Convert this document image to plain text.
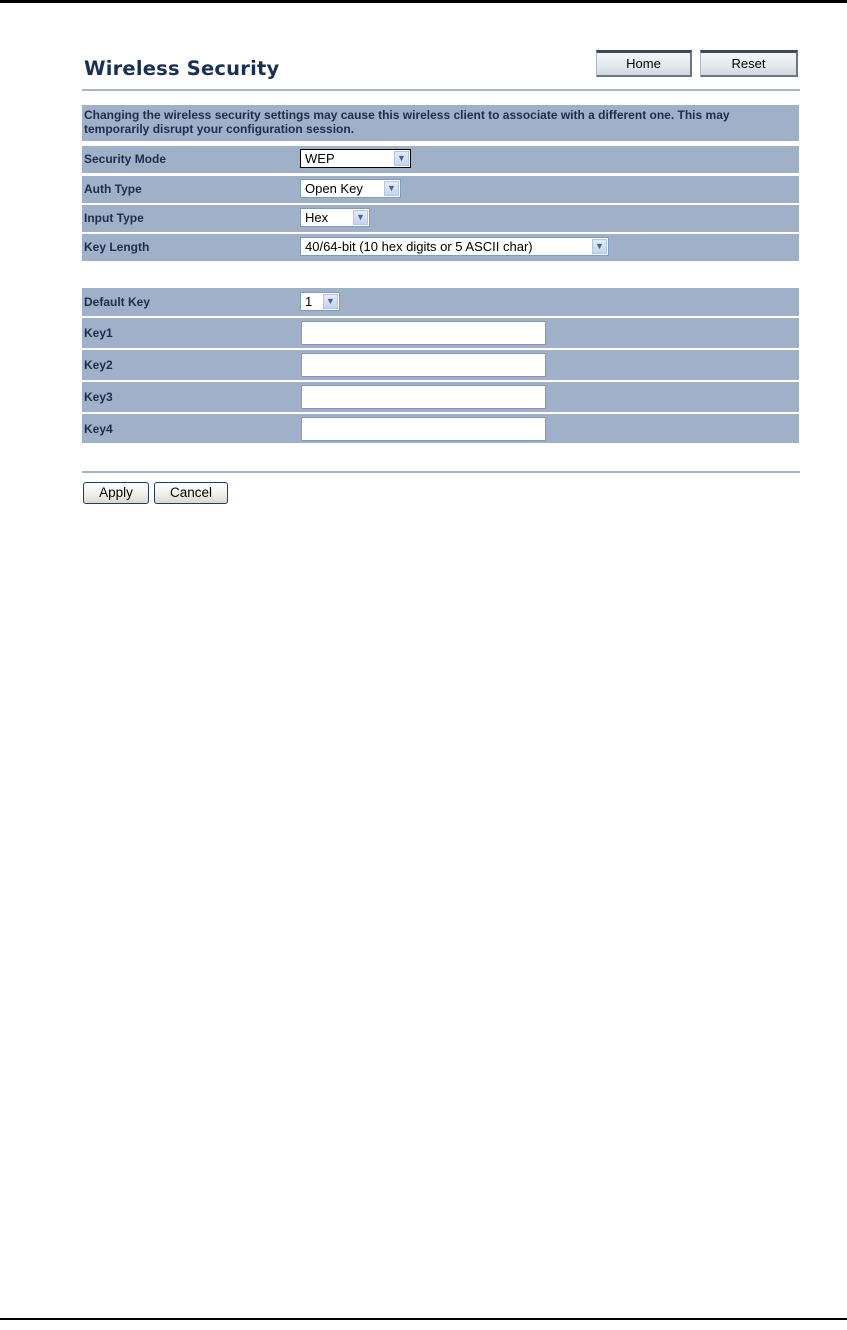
Wireless Security	Home	Reset
Changing the wireless security settings may cause this wireless client to associate with a different one. This may temporarily disrupt your configuration session.
Security Mode	WEP	▼
Auth Type	Open Key	▼
Input Type	Hex	▼
Key Length	40/64-bit (10 hex digits or 5 ASCII char)	▼
Default Key	1	▼
Key1
Key2
Key3
Key4
Apply	Cancel
